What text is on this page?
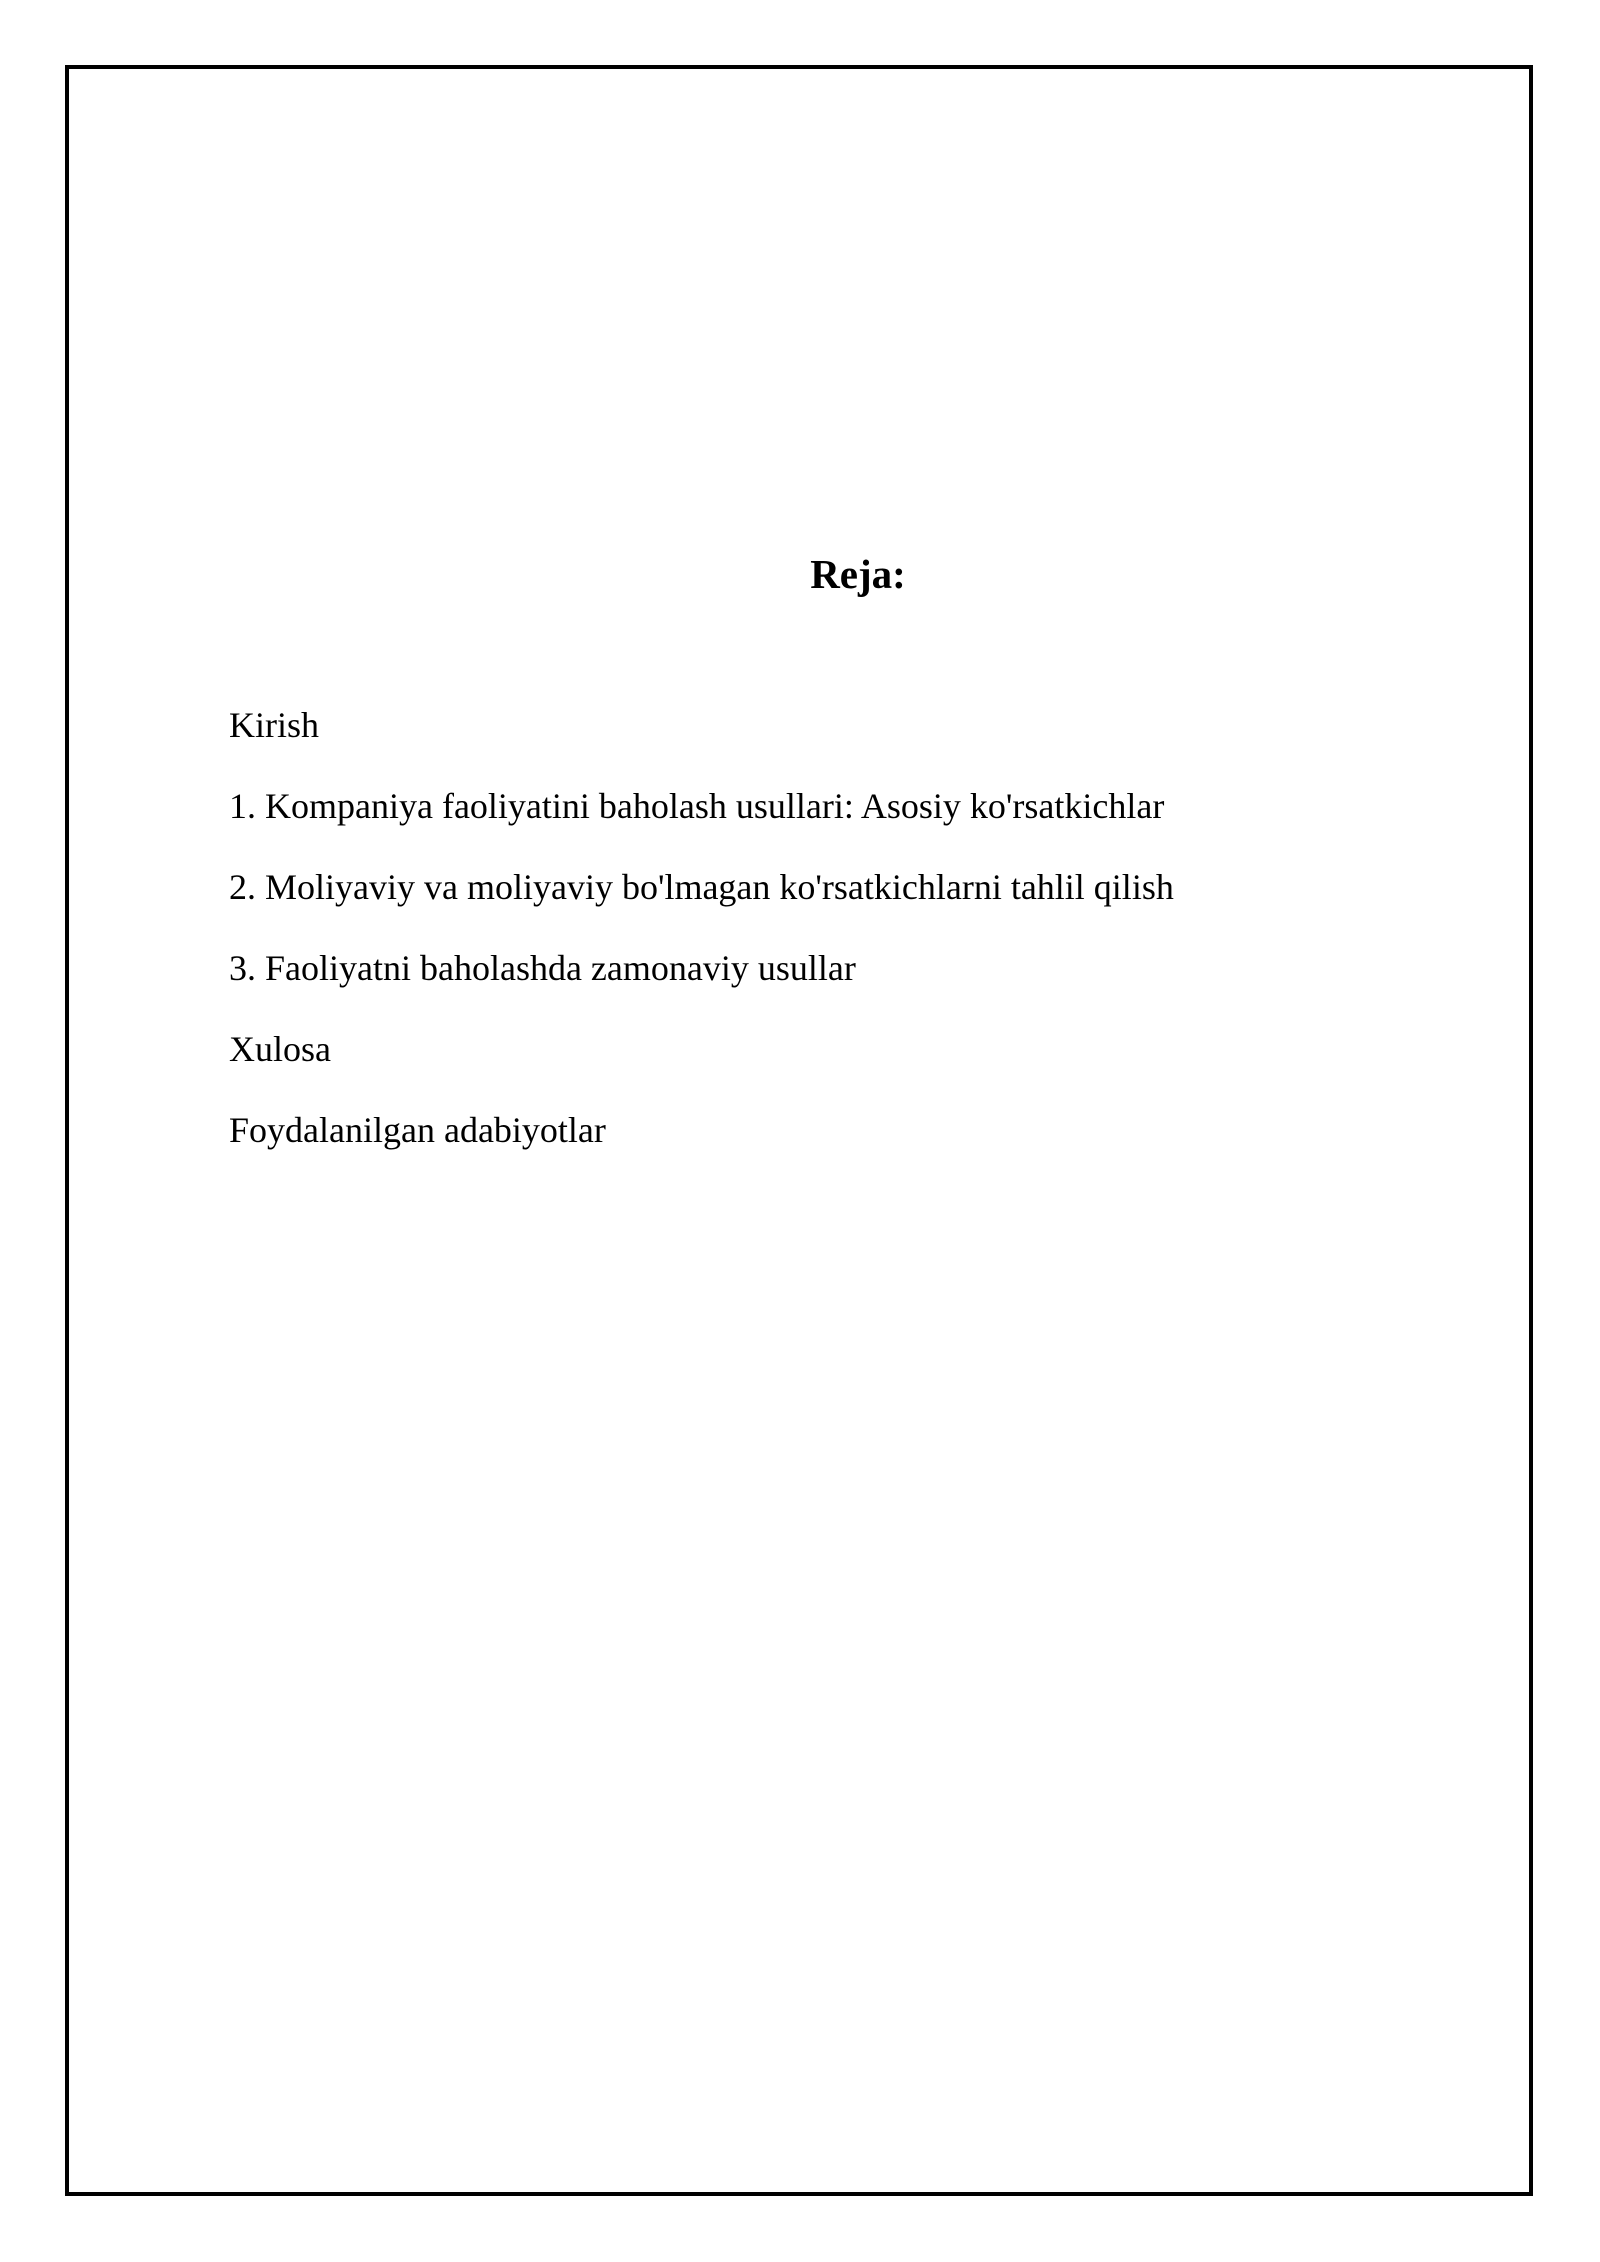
Reja:
Kirish
1. Kompaniya faoliyatini baholash usullari: Asosiy ko'rsatkichlar
2. Moliyaviy va moliyaviy bo'lmagan ko'rsatkichlarni tahlil qilish
3. Faoliyatni baholashda zamonaviy usullar
Xulosa
Foydalanilgan adabiyotlar
